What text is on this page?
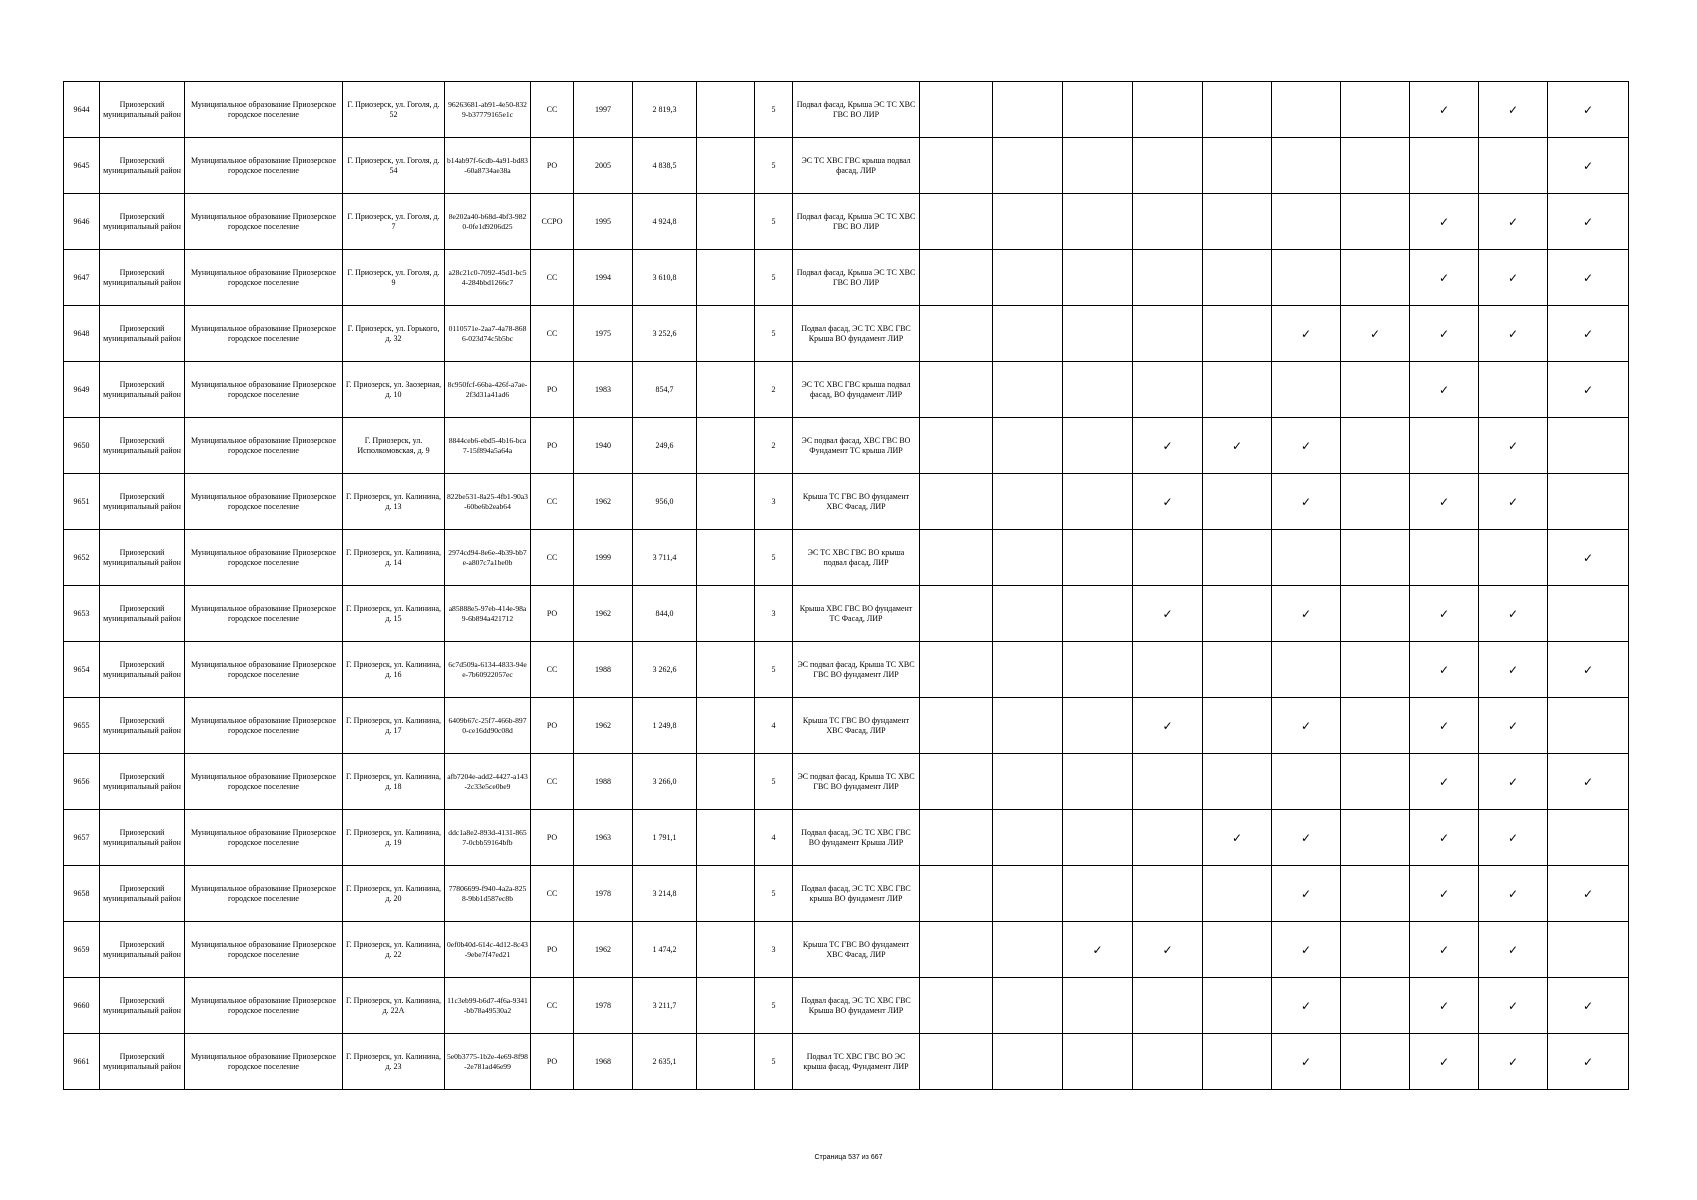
9644	Приозерский муниципальный район	Муниципальное образование Приозерское городское поселение	Г. Приозерск, ул. Гоголя, д. 52	96263681-ab91-4e50-8329-b37779165e1c	СС	1997	2 819,3		5	Подвал фасад, Крыша ЭС ТС ХВС ГВС ВО ЛИР								✓	✓	✓
9645	Приозерский муниципальный район	Муниципальное образование Приозерское городское поселение	Г. Приозерск, ул. Гоголя, д. 54	b14ab97f-6cdb-4a91-bd83-60a8734ae38a	РО	2005	4 838,5		5	ЭС ТС ХВС ГВС крыша подвал фасад, ЛИР										✓
9646	Приозерский муниципальный район	Муниципальное образование Приозерское городское поселение	Г. Приозерск, ул. Гоголя, д. 7	8e202a40-b68d-4bf3-9820-0fe1d9206d25	ССРО	1995	4 924,8		5	Подвал фасад, Крыша ЭС ТС ХВС ГВС ВО ЛИР								✓	✓	✓
9647	Приозерский муниципальный район	Муниципальное образование Приозерское городское поселение	Г. Приозерск, ул. Гоголя, д. 9	a28c21c0-7092-45d1-bc54-284bbd1266c7	СС	1994	3 610,8		5	Подвал фасад, Крыша ЭС ТС ХВС ГВС ВО ЛИР								✓	✓	✓
9648	Приозерский муниципальный район	Муниципальное образование Приозерское городское поселение	Г. Приозерск, ул. Горького, д. 32	0110571e-2aa7-4a78-8686-023d74c5b5bc	СС	1975	3 252,6		5	Подвал фасад, ЭС ТС ХВС ГВС Крыша ВО фундамент ЛИР						✓	✓	✓	✓	✓
9649	Приозерский муниципальный район	Муниципальное образование Приозерское городское поселение	Г. Приозерск, ул. Заозерная, д. 10	8c950fcf-66ba-426f-a7ae-2f3d31a41ad6	РО	1983	854,7		2	ЭС ТС ХВС ГВС крыша подвал фасад, ВО фундамент ЛИР								✓		✓
9650	Приозерский муниципальный район	Муниципальное образование Приозерское городское поселение	Г. Приозерск, ул. Исполкомовская, д. 9	8844ceb6-ebd5-4b16-bca7-15f894a5a64a	РО	1940	249,6		2	ЭС подвал фасад, ХВС ГВС ВО Фундамент ТС крыша ЛИР				✓	✓	✓			✓	
9651	Приозерский муниципальный район	Муниципальное образование Приозерское городское поселение	Г. Приозерск, ул. Калинина, д. 13	822be531-8a25-4fb1-90a3-60be6b2eab64	СС	1962	956,0		3	Крыша ТС ГВС ВО фундамент ХВС Фасад, ЛИР				✓		✓		✓	✓	
9652	Приозерский муниципальный район	Муниципальное образование Приозерское городское поселение	Г. Приозерск, ул. Калинина, д. 14	2974cd94-8e6e-4b39-bb7e-a807c7a1be0b	СС	1999	3 711,4		5	ЭС ТС ХВС ГВС ВО крыша подвал фасад, ЛИР										✓
9653	Приозерский муниципальный район	Муниципальное образование Приозерское городское поселение	Г. Приозерск, ул. Калинина, д. 15	a85888e5-97eb-414e-98a9-6b894a421712	РО	1962	844,0		3	Крыша ХВС ГВС ВО фундамент ТС Фасад, ЛИР				✓		✓		✓	✓	
9654	Приозерский муниципальный район	Муниципальное образование Приозерское городское поселение	Г. Приозерск, ул. Калинина, д. 16	6c7d509a-6134-4833-94ee-7b60922057ec	СС	1988	3 262,6		5	ЭС подвал фасад, Крыша ТС ХВС ГВС ВО фундамент ЛИР								✓	✓	✓
9655	Приозерский муниципальный район	Муниципальное образование Приозерское городское поселение	Г. Приозерск, ул. Калинина, д. 17	6409b67c-25f7-466b-8970-ce16dd90c08d	РО	1962	1 249,8		4	Крыша ТС ГВС ВО фундамент ХВС Фасад, ЛИР				✓		✓		✓	✓	
9656	Приозерский муниципальный район	Муниципальное образование Приозерское городское поселение	Г. Приозерск, ул. Калинина, д. 18	afb7204e-add2-4427-a143-2c33e5ce0be9	СС	1988	3 266,0		5	ЭС подвал фасад, Крыша ТС ХВС ГВС ВО фундамент ЛИР								✓	✓	✓
9657	Приозерский муниципальный район	Муниципальное образование Приозерское городское поселение	Г. Приозерск, ул. Калинина, д. 19	ddc1a8e2-893d-4131-8657-0cbb59164bfb	РО	1963	1 791,1		4	Подвал фасад, ЭС ТС ХВС ГВС ВО фундамент Крыша ЛИР					✓	✓		✓	✓	
9658	Приозерский муниципальный район	Муниципальное образование Приозерское городское поселение	Г. Приозерск, ул. Калинина, д. 20	77806699-f940-4a2a-8258-9bb1d587ec8b	СС	1978	3 214,8		5	Подвал фасад, ЭС ТС ХВС ГВС крыша ВО фундамент ЛИР						✓		✓	✓	✓
9659	Приозерский муниципальный район	Муниципальное образование Приозерское городское поселение	Г. Приозерск, ул. Калинина, д. 22	0ef0b40d-614c-4d12-8c43-9ebe7f47ed21	РО	1962	1 474,2		3	Крыша ТС ГВС ВО фундамент ХВС Фасад, ЛИР			✓	✓		✓		✓	✓	
9660	Приозерский муниципальный район	Муниципальное образование Приозерское городское поселение	Г. Приозерск, ул. Калинина, д. 22А	11c3eb99-b6d7-4f6a-9341-bb78a49530a2	СС	1978	3 211,7		5	Подвал фасад, ЭС ТС ХВС ГВС Крыша ВО фундамент ЛИР						✓		✓	✓	✓
9661	Приозерский муниципальный район	Муниципальное образование Приозерское городское поселение	Г. Приозерск, ул. Калинина, д. 23	5e0b3775-1b2e-4e69-8f98-2e781ad46e99	РО	1968	2 635,1		5	Подвал ТС ХВС ГВС ВО ЭС крыша фасад, Фундамент ЛИР						✓		✓	✓	✓
Страница 537 из 667
